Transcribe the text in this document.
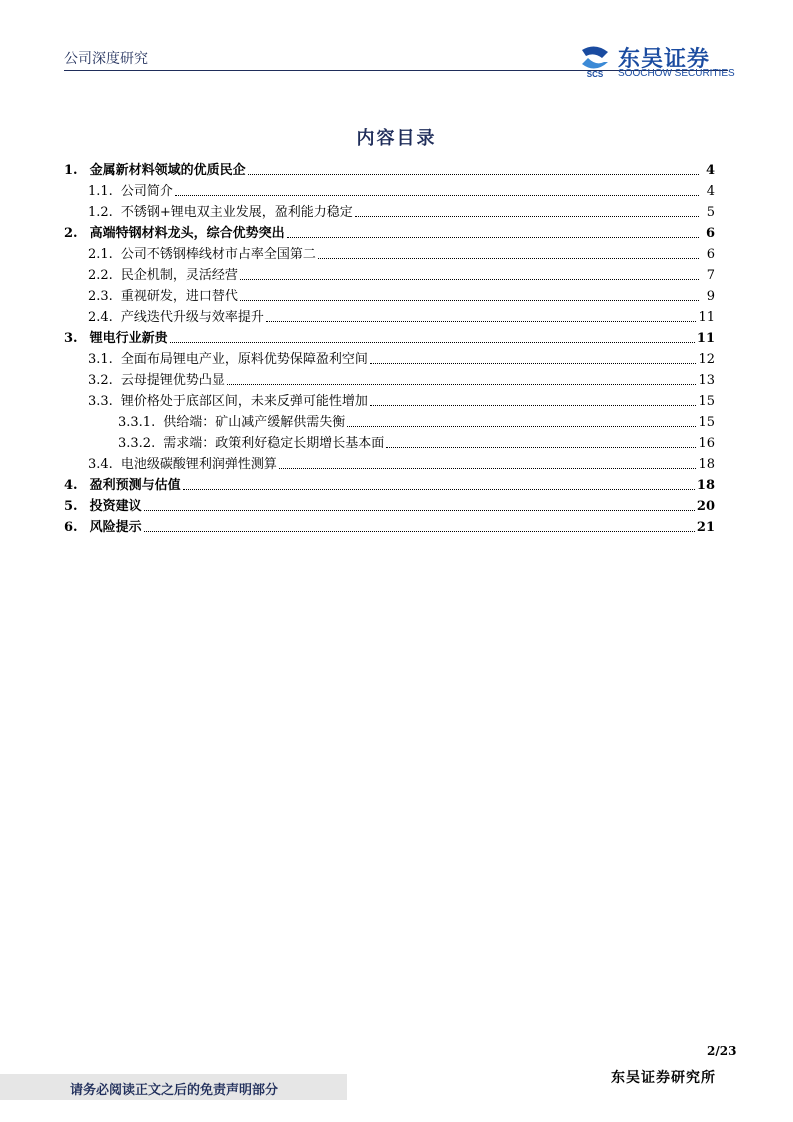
公司深度研究
SCS
东吴证券
SOOCHOW SECURITIES
内容目录
1. 金属新材料领域的优质民企	4
1.1. 公司简介	4
1.2. 不锈钢+锂电双主业发展，盈利能力稳定	5
2. 高端特钢材料龙头，综合优势突出	6
2.1. 公司不锈钢棒线材市占率全国第二	6
2.2. 民企机制，灵活经营	7
2.3. 重视研发，进口替代	9
2.4. 产线迭代升级与效率提升	11
3. 锂电行业新贵	11
3.1. 全面布局锂电产业，原料优势保障盈利空间	12
3.2. 云母提锂优势凸显	13
3.3. 锂价格处于底部区间，未来反弹可能性增加	15
3.3.1. 供给端：矿山减产缓解供需失衡	15
3.3.2. 需求端：政策利好稳定长期增长基本面	16
3.4. 电池级碳酸锂利润弹性测算	18
4. 盈利预测与估值	18
5. 投资建议	20
6. 风险提示	21
2/23
请务必阅读正文之后的免责声明部分
东吴证券研究所
